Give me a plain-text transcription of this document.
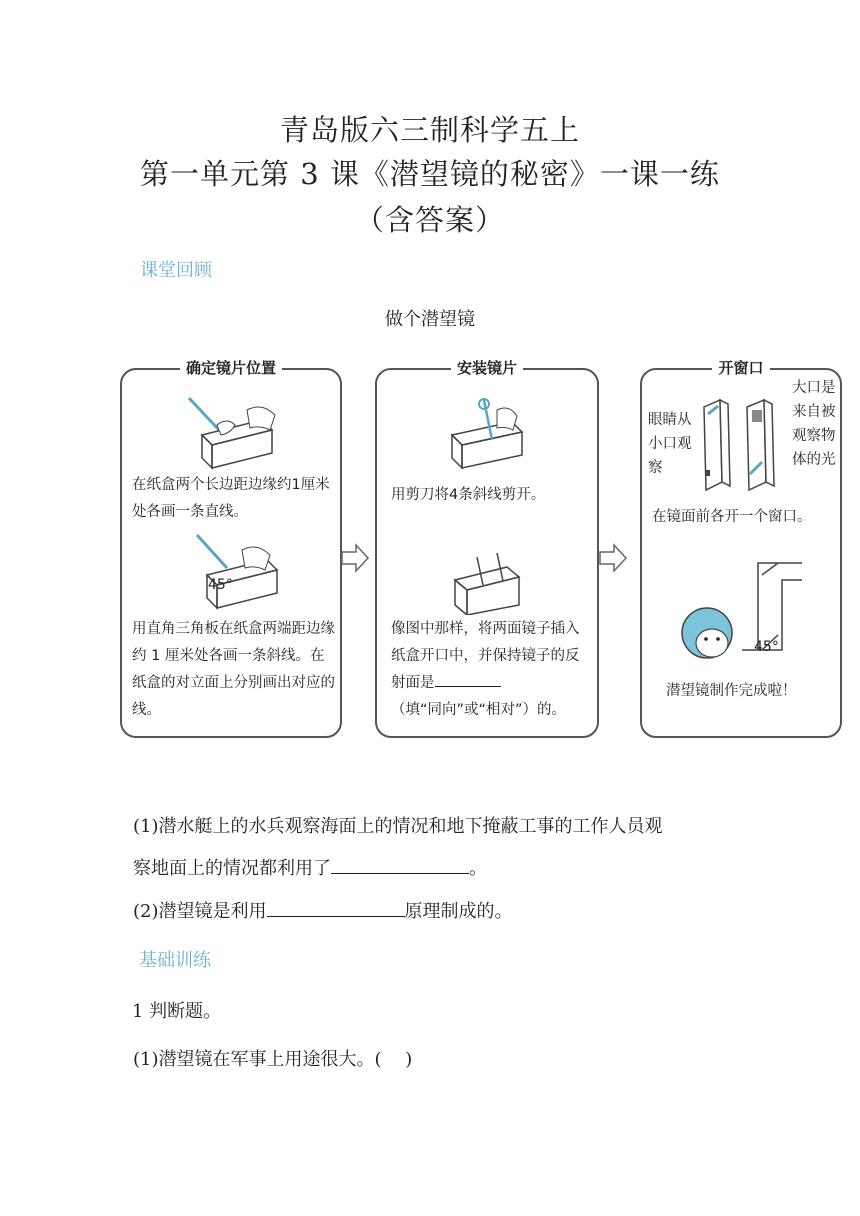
青岛版六三制科学五上
第一单元第 3 课《潜望镜的秘密》一课一练
（含答案）
课堂回顾
做个潜望镜
确定镜片位置
在纸盒两个长边距边缘约1厘米处各画一条直线。
45°
用直角三角板在纸盒两端距边缘约 1 厘米处各画一条斜线。在纸盒的对立面上分别画出对应的线。
安装镜片
用剪刀将4条斜线剪开。
像图中那样，将两面镜子插入纸盒开口中，并保持镜子的反射面是
（填“同向”或“相对”）的。
开窗口
眼睛从小口观察
大口是来自被观察物体的光
在镜面前各开一个窗口。
45°
潜望镜制作完成啦！
(1)潜水艇上的水兵观察海面上的情况和地下掩蔽工事的工作人员观
察地面上的情况都利用了	。
(2)潜望镜是利用	原理制成的。
基础训练
1 判断题。
(1)潜望镜在军事上用途很大。(　 )
